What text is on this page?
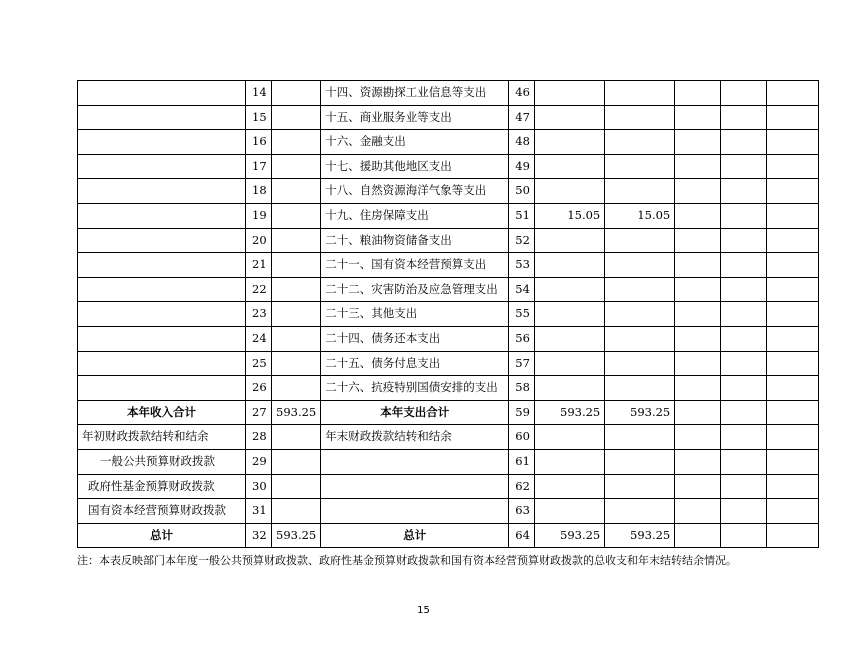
	14		十四、资源勘探工业信息等支出	46					
	15		十五、商业服务业等支出	47					
	16		十六、金融支出	48					
	17		十七、援助其他地区支出	49					
	18		十八、自然资源海洋气象等支出	50					
	19		十九、住房保障支出	51	15.05	15.05			
	20		二十、粮油物资储备支出	52					
	21		二十一、国有资本经营预算支出	53					
	22		二十二、灾害防治及应急管理支出	54					
	23		二十三、其他支出	55					
	24		二十四、债务还本支出	56					
	25		二十五、债务付息支出	57					
	26		二十六、抗疫特别国债安排的支出	58					
本年收入合计	27	593.25	本年支出合计	59	593.25	593.25			
年初财政拨款结转和结余	28		年末财政拨款结转和结余	60					
一般公共预算财政拨款	29			61					
政府性基金预算财政拨款	30			62					
国有资本经营预算财政拨款	31			63					
总计	32	593.25	总计	64	593.25	593.25			
注：本表反映部门本年度一般公共预算财政拨款、政府性基金预算财政拨款和国有资本经营预算财政拨款的总收支和年末结转结余情况。
15
